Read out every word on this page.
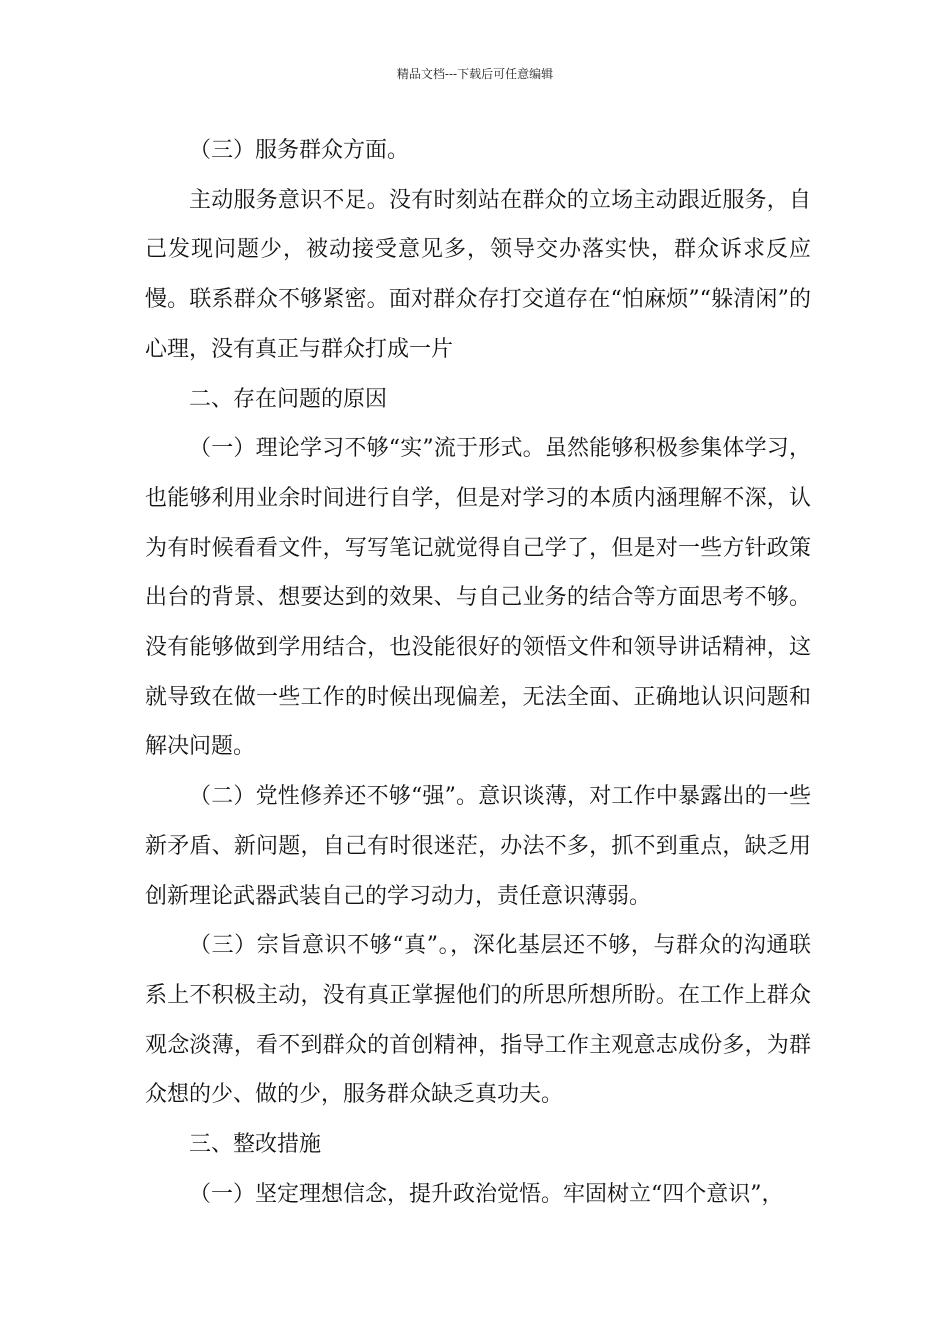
精品文档---下载后可任意编辑

（三）服务群众方面。

主动服务意识不足。没有时刻站在群众的立场主动跟近服务，自己发现问题少，被动接受意见多，领导交办落实快，群众诉求反应慢。联系群众不够紧密。面对群众存打交道存在“怕麻烦”“躲清闲”的心理，没有真正与群众打成一片

二、存在问题的原因

（一）理论学习不够“实”流于形式。虽然能够积极参集体学习，也能够利用业余时间进行自学，但是对学习的本质内涵理解不深，认为有时候看看文件，写写笔记就觉得自己学了，但是对一些方针政策出台的背景、想要达到的效果、与自己业务的结合等方面思考不够。没有能够做到学用结合，也没能很好的领悟文件和领导讲话精神，这就导致在做一些工作的时候出现偏差，无法全面、正确地认识问题和解决问题。

（二）党性修养还不够“强”。意识谈薄，对工作中暴露出的一些新矛盾、新问题，自己有时很迷茫，办法不多，抓不到重点，缺乏用创新理论武器武装自己的学习动力，责任意识薄弱。

（三）宗旨意识不够“真”。，深化基层还不够，与群众的沟通联系上不积极主动，没有真正掌握他们的所思所想所盼。在工作上群众观念淡薄，看不到群众的首创精神，指导工作主观意志成份多，为群众想的少、做的少，服务群众缺乏真功夫。

三、整改措施

（一）坚定理想信念，提升政治觉悟。牢固树立“四个意识”，
